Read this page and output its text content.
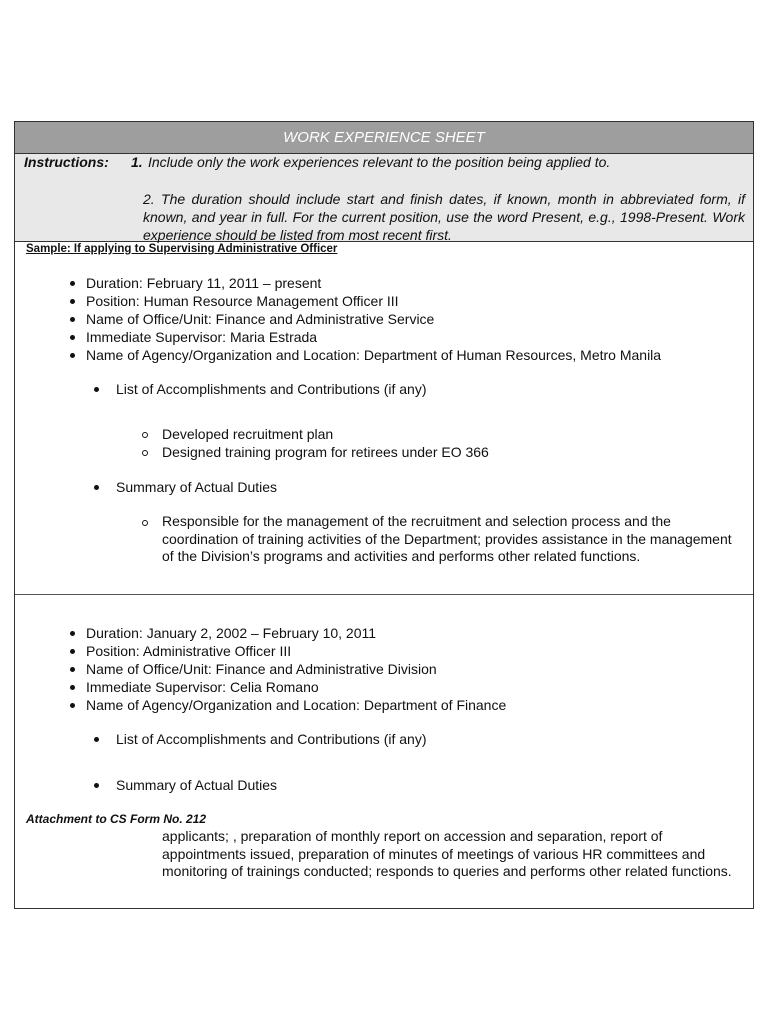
WORK EXPERIENCE SHEET
Instructions: 1. Include only the work experiences relevant to the position being applied to.
2. The duration should include start and finish dates, if known, month in abbreviated form, if known, and year in full. For the current position, use the word Present, e.g., 1998-Present. Work experience should be listed from most recent first.
Sample: If applying to Supervising Administrative Officer
Duration: February 11, 2011 – present
Position: Human Resource Management Officer III
Name of Office/Unit: Finance and Administrative Service
Immediate Supervisor: Maria Estrada
Name of Agency/Organization and Location: Department of Human Resources, Metro Manila
List of Accomplishments and Contributions (if any)
Developed recruitment plan
Designed training program for retirees under EO 366
Summary of Actual Duties
Responsible for the management of the recruitment and selection process and the coordination of training activities of the Department; provides assistance in the management of the Division’s programs and activities and performs other related functions.
Duration: January 2, 2002 – February 10, 2011
Position: Administrative Officer III
Name of Office/Unit: Finance and Administrative Division
Immediate Supervisor: Celia Romano
Name of Agency/Organization and Location: Department of Finance
List of Accomplishments and Contributions (if any)
Summary of Actual Duties
applicants; , preparation of monthly report on accession and separation, report of appointments issued, preparation of minutes of meetings of various HR committees and monitoring of trainings conducted; responds to queries and performs other related functions.
Attachment to CS Form No. 212
